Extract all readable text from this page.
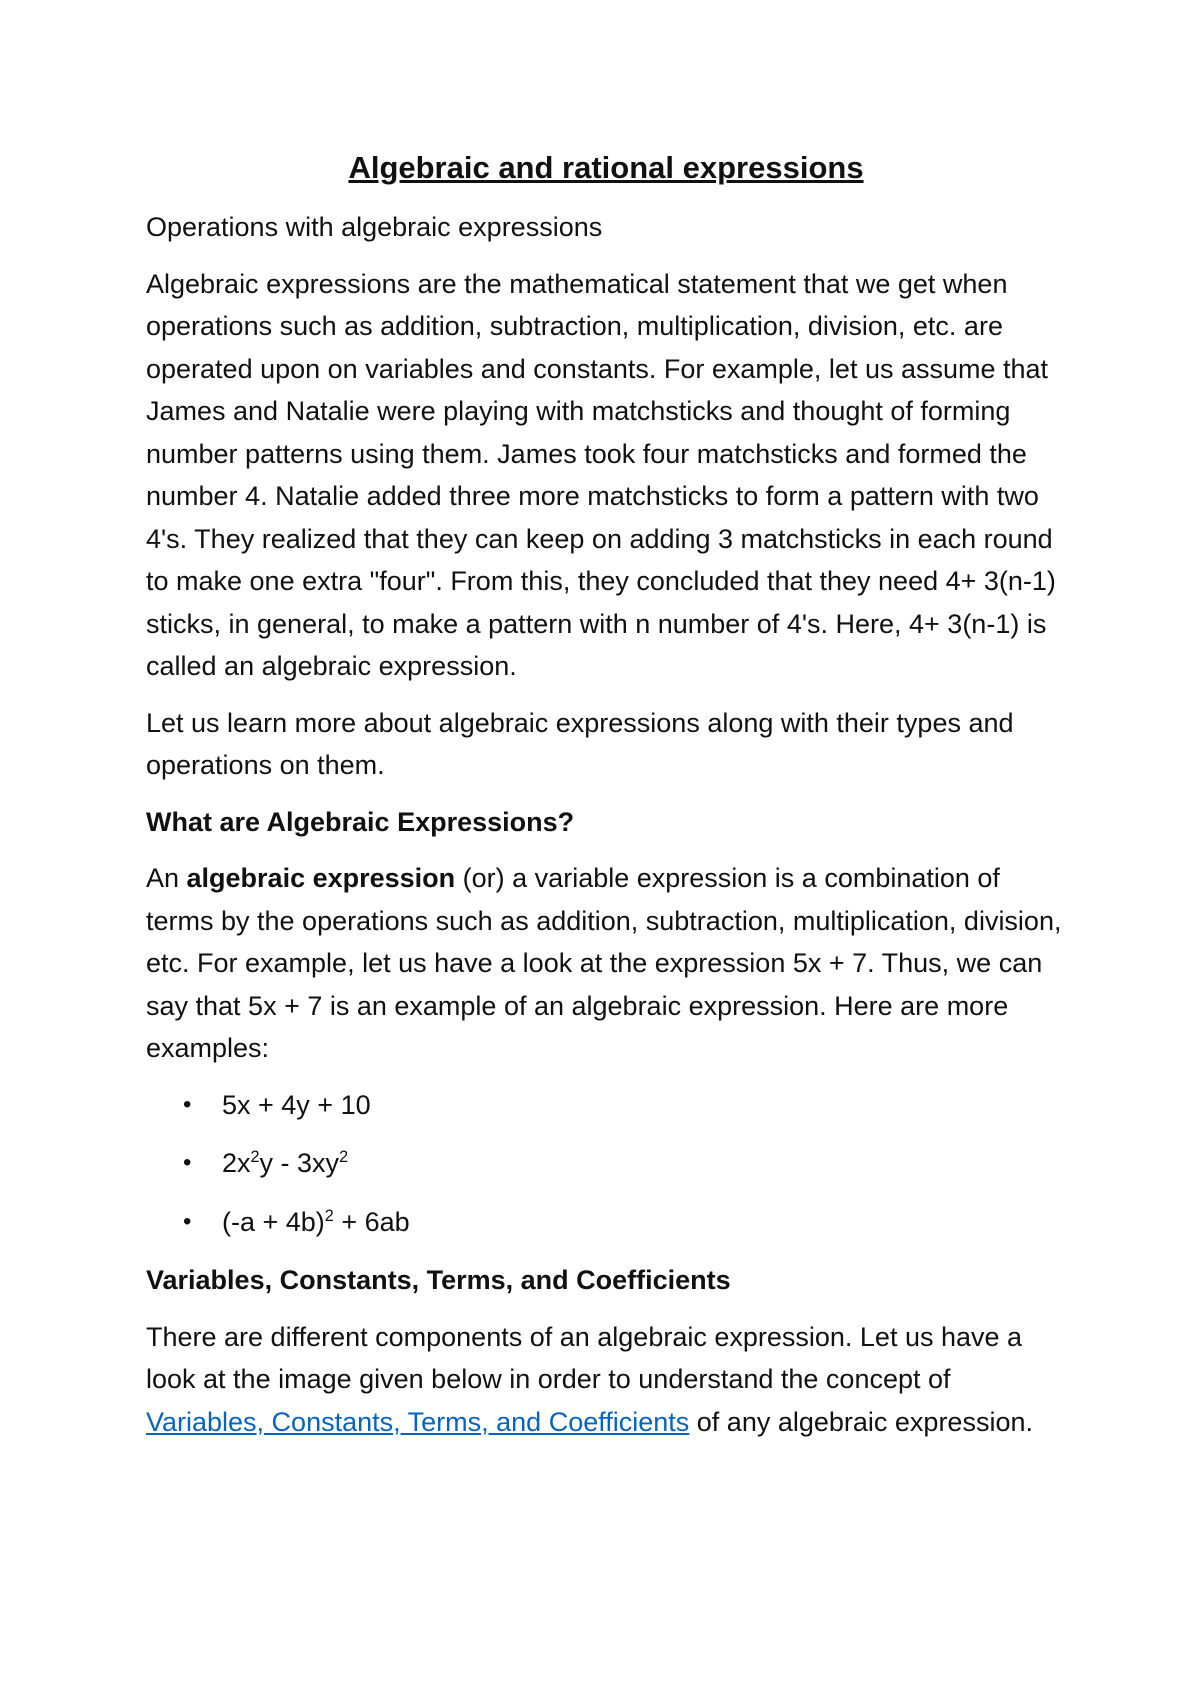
Algebraic and rational expressions

Operations with algebraic expressions

Algebraic expressions are the mathematical statement that we get when operations such as addition, subtraction, multiplication, division, etc. are operated upon on variables and constants. For example, let us assume that James and Natalie were playing with matchsticks and thought of forming number patterns using them. James took four matchsticks and formed the number 4. Natalie added three more matchsticks to form a pattern with two 4's. They realized that they can keep on adding 3 matchsticks in each round to make one extra "four". From this, they concluded that they need 4+ 3(n-1) sticks, in general, to make a pattern with n number of 4's. Here, 4+ 3(n-1) is called an algebraic expression.

Let us learn more about algebraic expressions along with their types and operations on them.

What are Algebraic Expressions?

An algebraic expression (or) a variable expression is a combination of terms by the operations such as addition, subtraction, multiplication, division, etc. For example, let us have a look at the expression 5x + 7. Thus, we can say that 5x + 7 is an example of an algebraic expression. Here are more examples:

• 5x + 4y + 10
• $2x^2y - 3xy^2$
• $(-a + 4b)^2 + 6ab$
Variables, Constants, Terms, and Coefficients

There are different components of an algebraic expression. Let us have a look at the image given below in order to understand the concept of Variables, Constants, Terms, and Coefficients of any algebraic expression.
